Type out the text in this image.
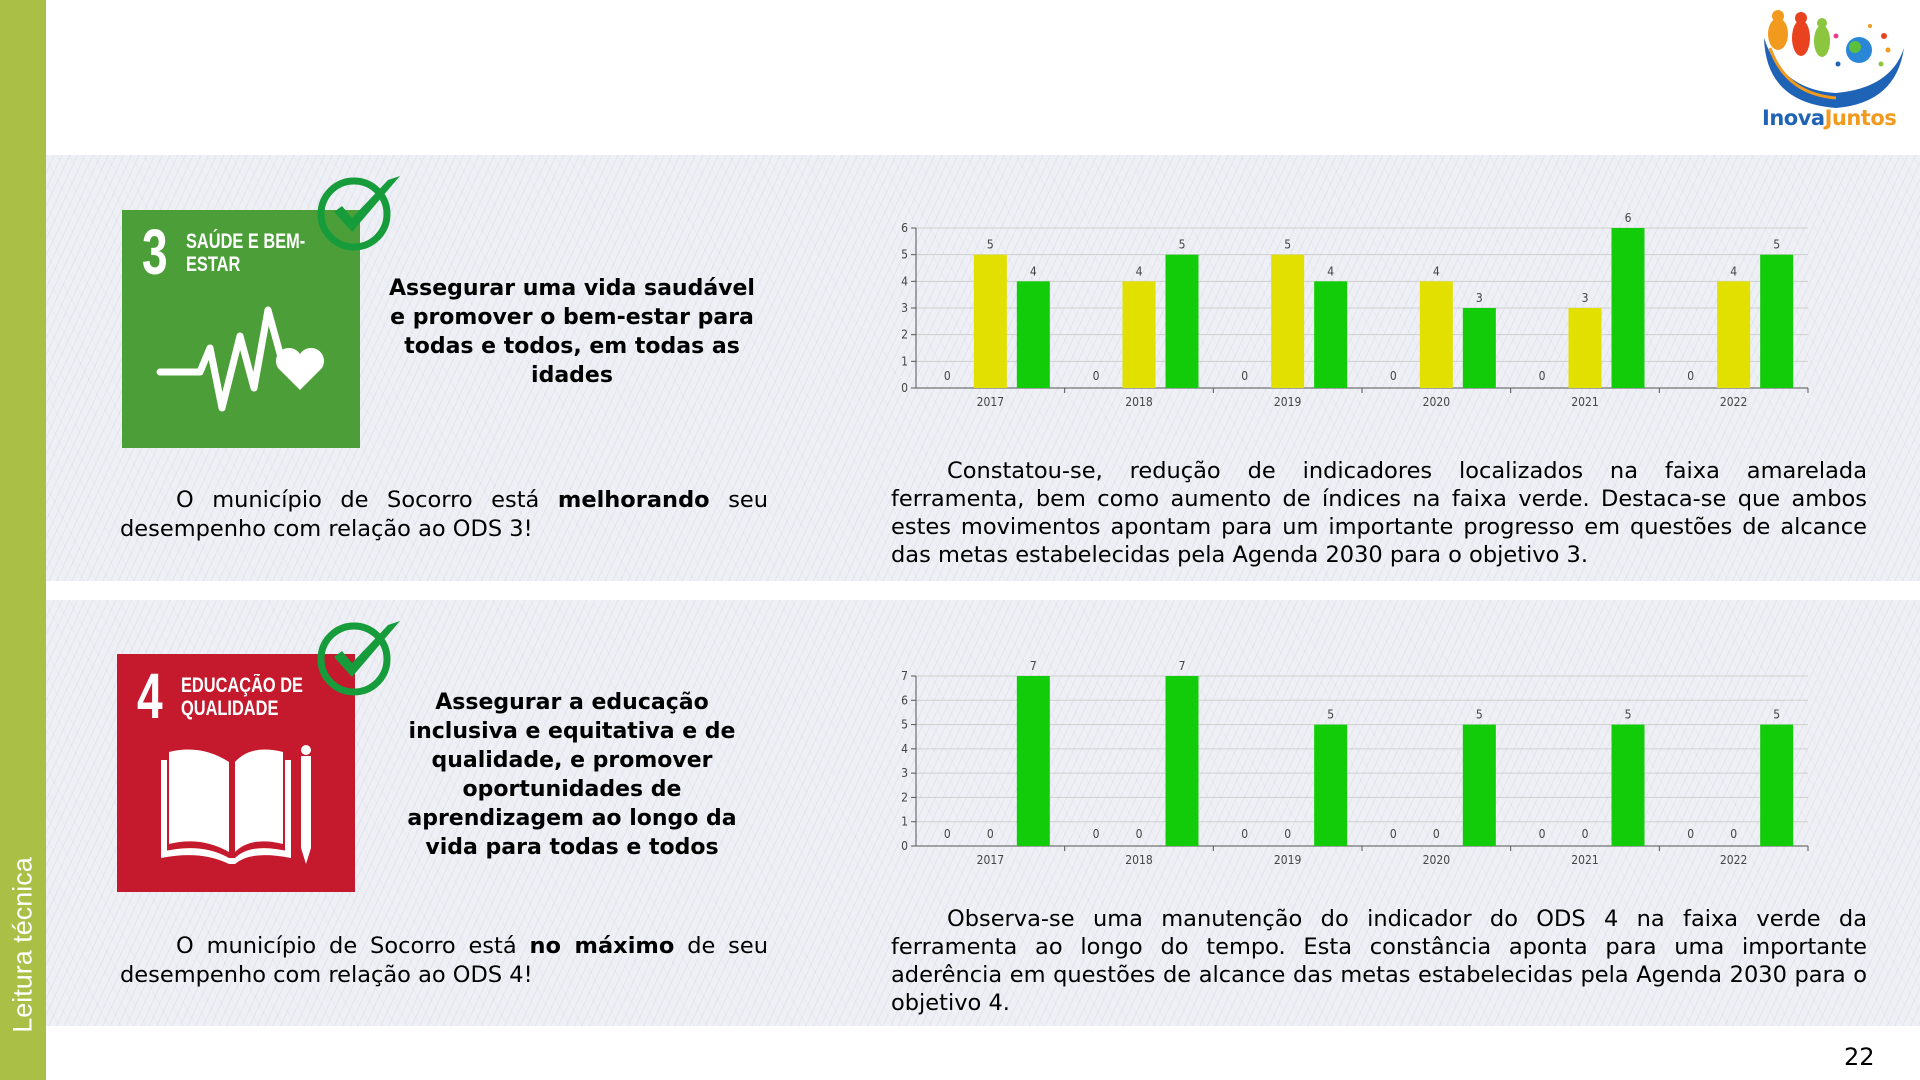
Leitura técnica
InovaJuntos
3 SAÚDE E BEM-ESTAR
4 EDUCAÇÃO DE QUALIDADE
Assegurar uma vida saudável e promover o bem-estar para todas e todos, em todas as idades
Assegurar a educação inclusiva e equitativa e de qualidade, e promover oportunidades de aprendizagem ao longo da vida para todas e todos
O município de Socorro está melhorando seu desempenho com relação ao ODS 3!
O município de Socorro está no máximo de seu desempenho com relação ao ODS 4!
Constatou-se, redução de indicadores localizados na faixa amarelada ferramenta, bem como aumento de índices na faixa verde. Destaca-se que ambos estes movimentos apontam para um importante progresso em questões de alcance das metas estabelecidas pela Agenda 2030 para o objetivo 3.
Observa-se uma manutenção do indicador do ODS 4 na faixa verde da ferramenta ao longo do tempo. Esta constância aponta para uma importante aderência em questões de alcance das metas estabelecidas pela Agenda 2030 para o objetivo 4.
0
1
2
3
4
5
6
0
5
4
2017
0
4
5
2018
0
5
4
2019
0
4
3
2020
0
3
6
2021
0
4
5
2022
0
1
2
3
4
5
6
7
0	0
7
2017
0	0
7
2018
0	0
5
2019
0	0
5
2020
0	0
5
2021
0	0
5
2022
22
